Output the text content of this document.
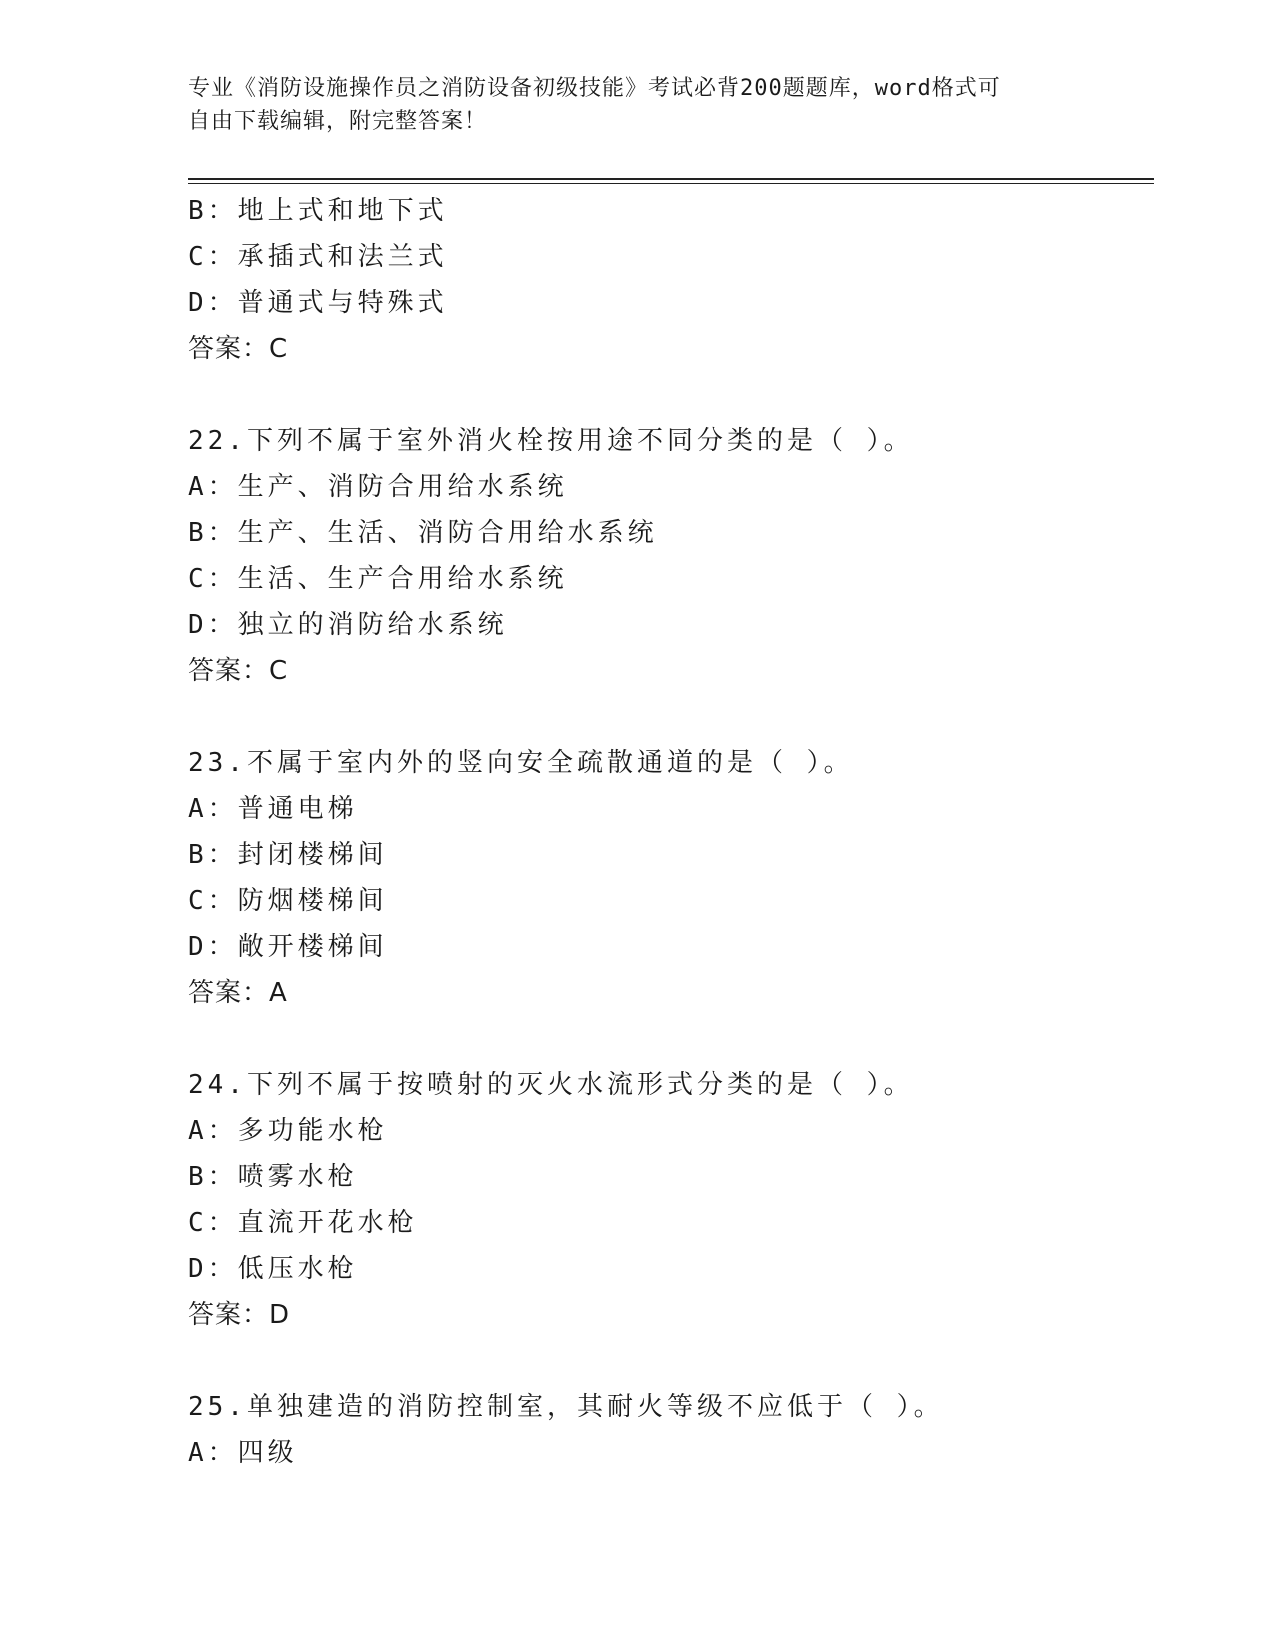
专业《消防设施操作员之消防设备初级技能》考试必背200题题库，word格式可
自由下载编辑，附完整答案！
B：地上式和地下式
C：承插式和法兰式
D：普通式与特殊式
答案：C
22.下列不属于室外消火栓按用途不同分类的是（ ）。
A：生产、消防合用给水系统
B：生产、生活、消防合用给水系统
C：生活、生产合用给水系统
D：独立的消防给水系统
答案：C
23.不属于室内外的竖向安全疏散通道的是（ ）。
A：普通电梯
B：封闭楼梯间
C：防烟楼梯间
D：敞开楼梯间
答案：A
24.下列不属于按喷射的灭火水流形式分类的是（ ）。
A：多功能水枪
B：喷雾水枪
C：直流开花水枪
D：低压水枪
答案：D
25.单独建造的消防控制室，其耐火等级不应低于（ ）。
A：四级
